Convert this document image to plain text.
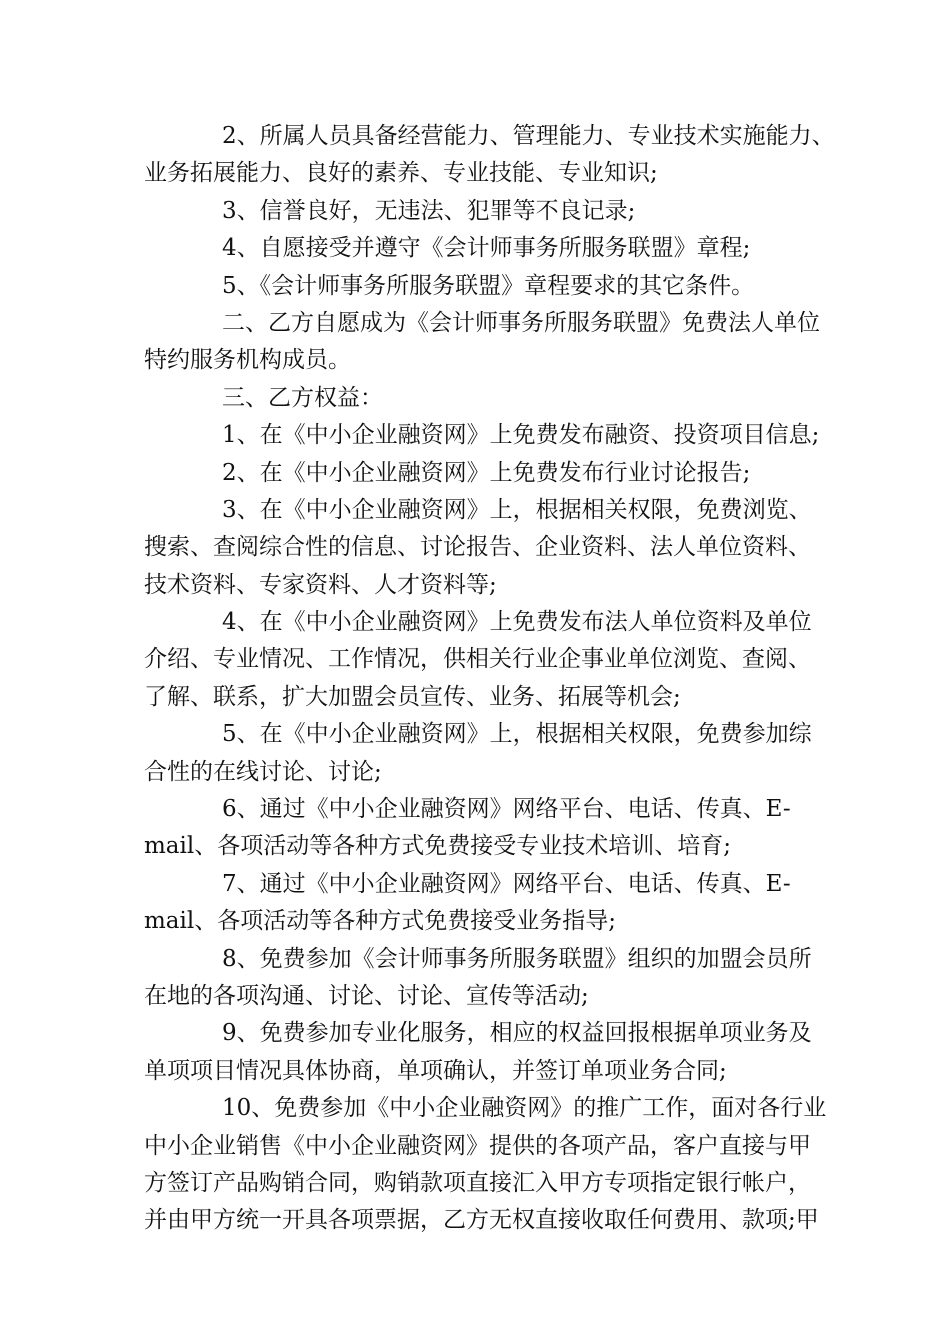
2、所属人员具备经营能力、管理能力、专业技术实施能力、
业务拓展能力、良好的素养、专业技能、专业知识;
3、信誉良好，无违法、犯罪等不良记录;
4、自愿接受并遵守《会计师事务所服务联盟》章程;
5、《会计师事务所服务联盟》章程要求的其它条件。
二、乙方自愿成为《会计师事务所服务联盟》免费法人单位
特约服务机构成员。
三、乙方权益：
1、在《中小企业融资网》上免费发布融资、投资项目信息;
2、在《中小企业融资网》上免费发布行业讨论报告;
3、在《中小企业融资网》上，根据相关权限，免费浏览、
搜索、查阅综合性的信息、讨论报告、企业资料、法人单位资料、
技术资料、专家资料、人才资料等;
4、在《中小企业融资网》上免费发布法人单位资料及单位
介绍、专业情况、工作情况，供相关行业企事业单位浏览、查阅、
了解、联系，扩大加盟会员宣传、业务、拓展等机会;
5、在《中小企业融资网》上，根据相关权限，免费参加综
合性的在线讨论、讨论;
6、通过《中小企业融资网》网络平台、电话、传真、E-
mail、各项活动等各种方式免费接受专业技术培训、培育;
7、通过《中小企业融资网》网络平台、电话、传真、E-
mail、各项活动等各种方式免费接受业务指导;
8、免费参加《会计师事务所服务联盟》组织的加盟会员所
在地的各项沟通、讨论、讨论、宣传等活动;
9、免费参加专业化服务，相应的权益回报根据单项业务及
单项项目情况具体协商，单项确认，并签订单项业务合同;
10、免费参加《中小企业融资网》的推广工作，面对各行业
中小企业销售《中小企业融资网》提供的各项产品，客户直接与甲
方签订产品购销合同，购销款项直接汇入甲方专项指定银行帐户，
并由甲方统一开具各项票据，乙方无权直接收取任何费用、款项;甲
